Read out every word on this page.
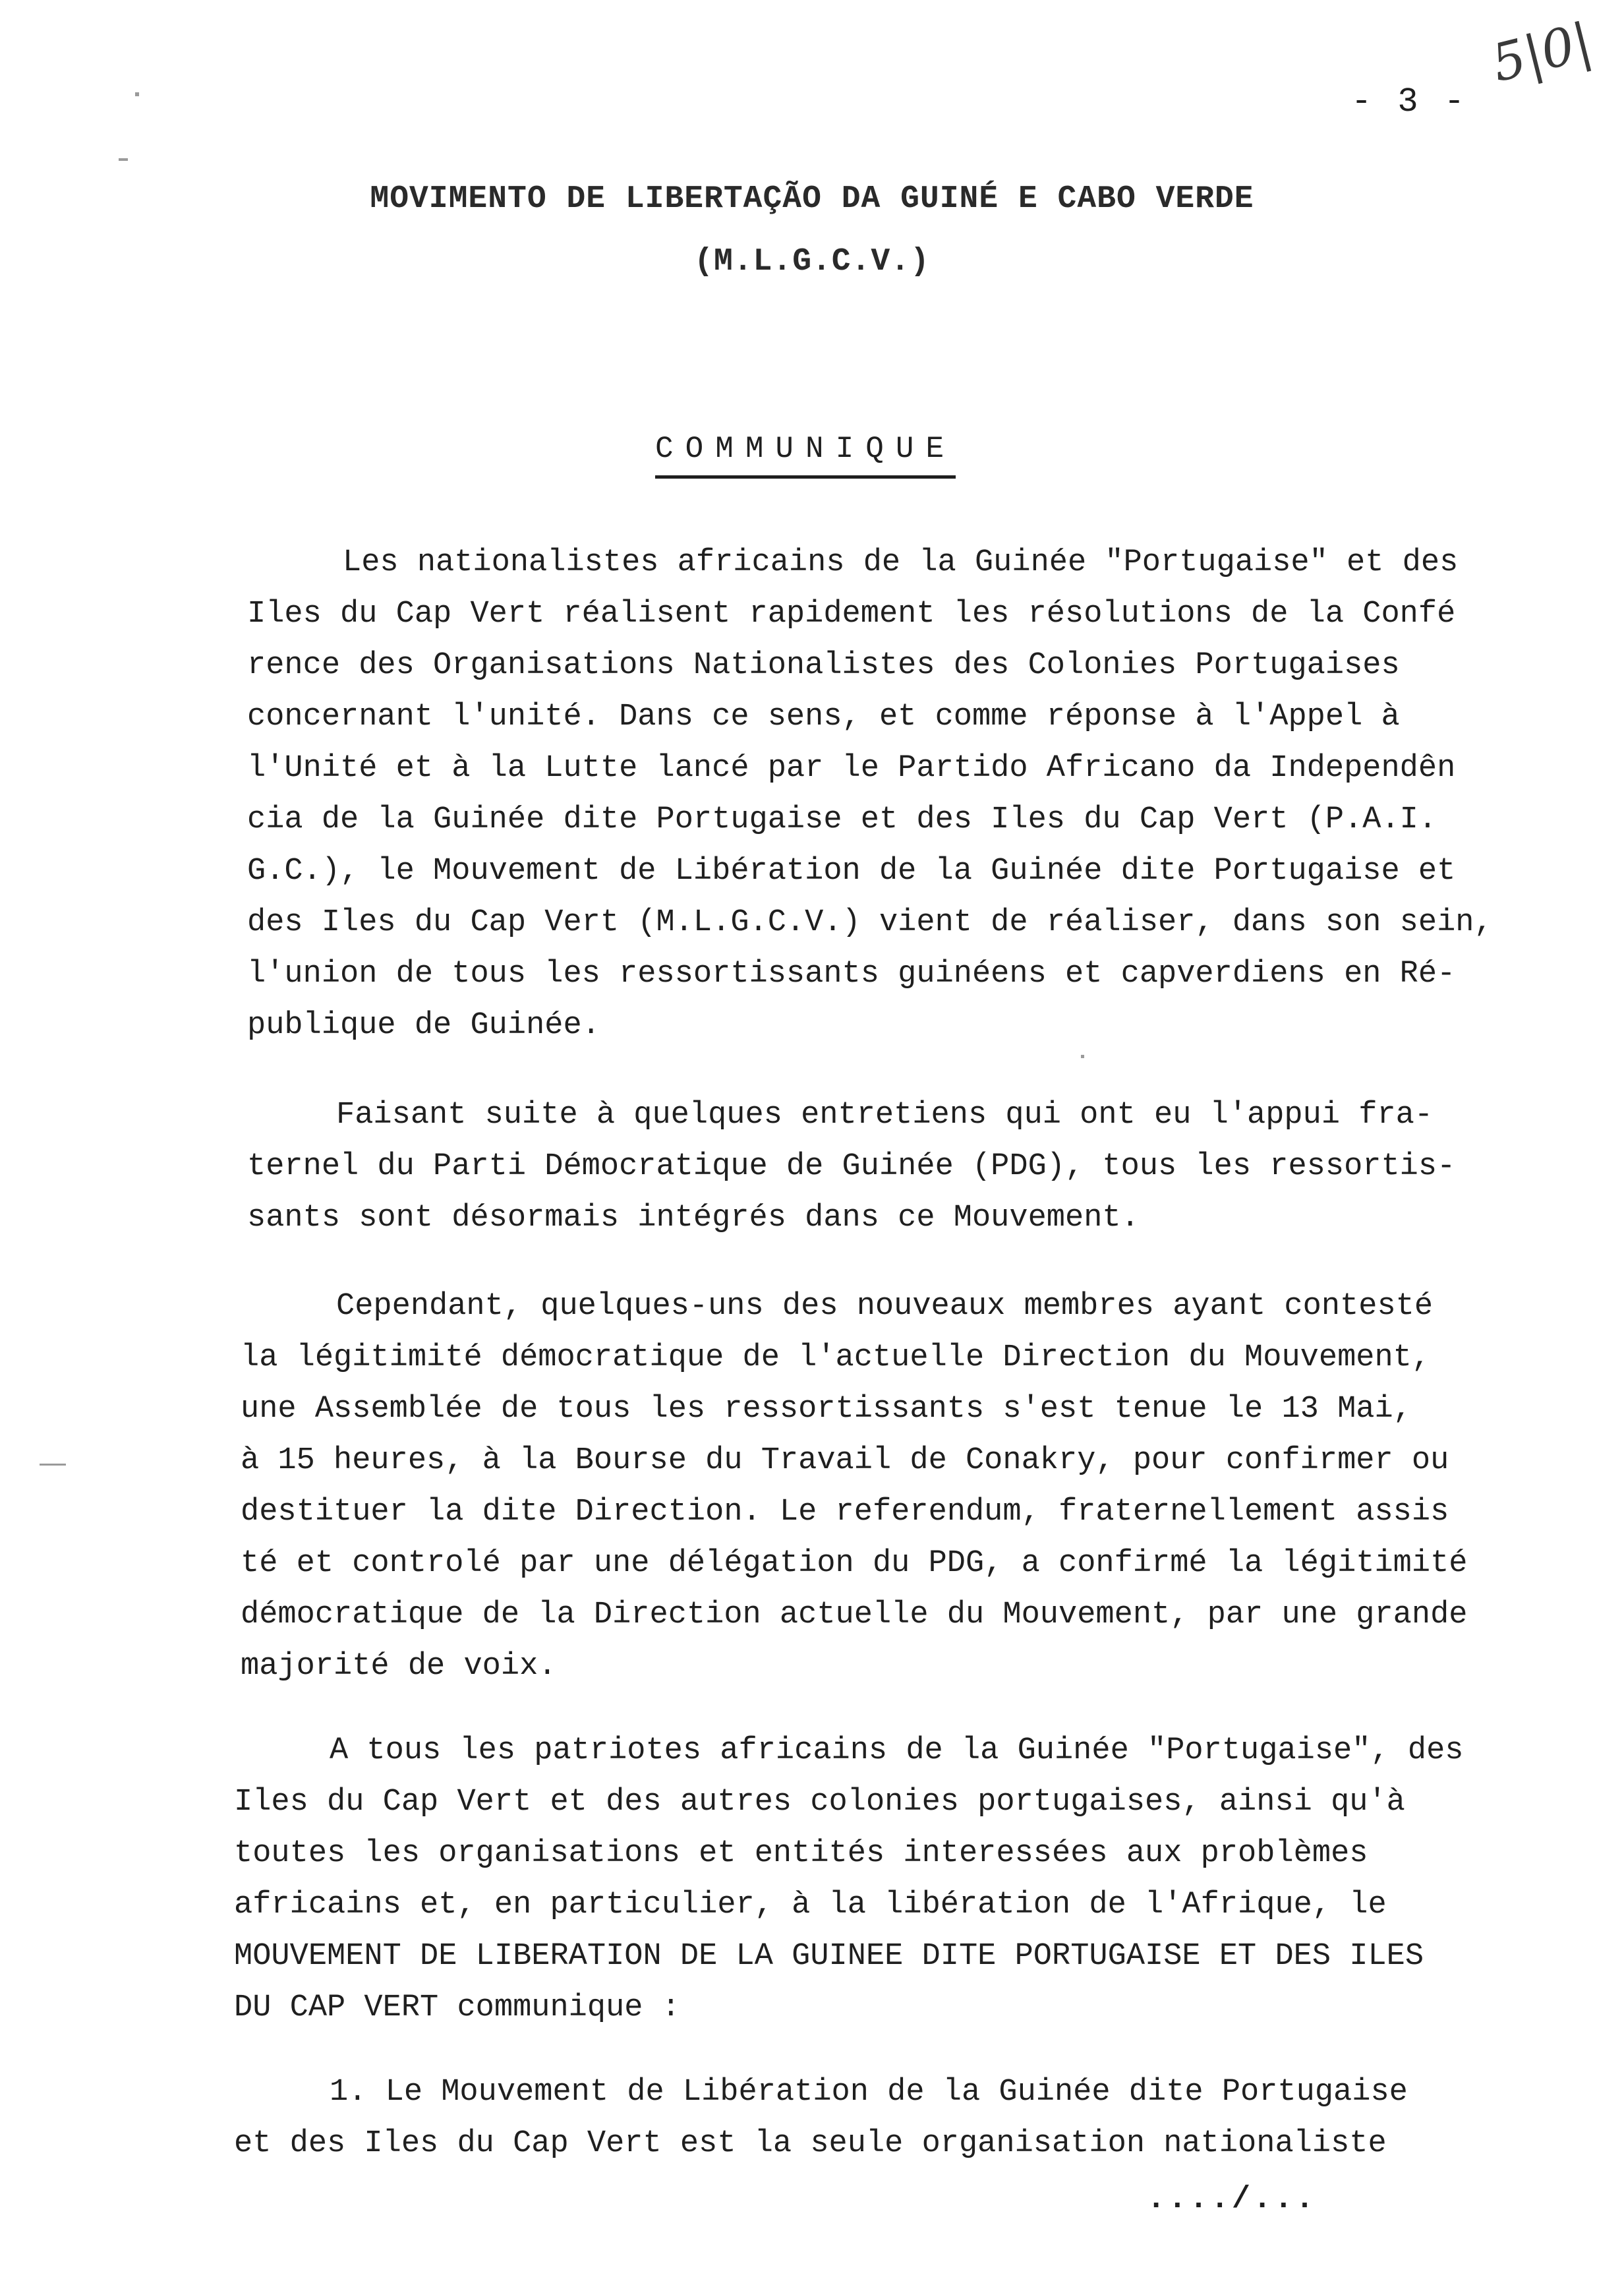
- 3 -
5|0|
MOVIMENTO DE LIBERTAÇÃO DA GUINÉ E CABO VERDE
(M.L.G.C.V.)
COMMUNIQUE
Les nationalistes africains de la Guinée "Portugaise" et des
Iles du Cap Vert réalisent rapidement les résolutions de la Confé
rence des Organisations Nationalistes des Colonies Portugaises
concernant l'unité. Dans ce sens, et comme réponse à l'Appel à
l'Unité et à la Lutte lancé par le Partido Africano da Independên
cia de la Guinée dite Portugaise et des Iles du Cap Vert (P.A.I.
G.C.), le Mouvement de Libération de la Guinée dite Portugaise et
des Iles du Cap Vert (M.L.G.C.V.) vient de réaliser, dans son sein,
l'union de tous les ressortissants guinéens et capverdiens en Ré-
publique de Guinée.
Faisant suite à quelques entretiens qui ont eu l'appui fra-
ternel du Parti Démocratique de Guinée (PDG), tous les ressortis-
sants sont désormais intégrés dans ce Mouvement.
Cependant, quelques-uns des nouveaux membres ayant contesté
la légitimité démocratique de l'actuelle Direction du Mouvement,
une Assemblée de tous les ressortissants s'est tenue le 13 Mai,
à 15 heures, à la Bourse du Travail de Conakry, pour confirmer ou
destituer la dite Direction. Le referendum, fraternellement assis
té et controlé par une délégation du PDG, a confirmé la légitimité
démocratique de la Direction actuelle du Mouvement, par une grande
majorité de voix.
A tous les patriotes africains de la Guinée "Portugaise", des
Iles du Cap Vert et des autres colonies portugaises, ainsi qu'à
toutes les organisations et entités interessées aux problèmes
africains et, en particulier, à la libération de l'Afrique, le
MOUVEMENT DE LIBERATION DE LA GUINEE DITE PORTUGAISE ET DES ILES
DU CAP VERT communique :
1. Le Mouvement de Libération de la Guinée dite Portugaise
et des Iles du Cap Vert est la seule organisation nationaliste
..../...
